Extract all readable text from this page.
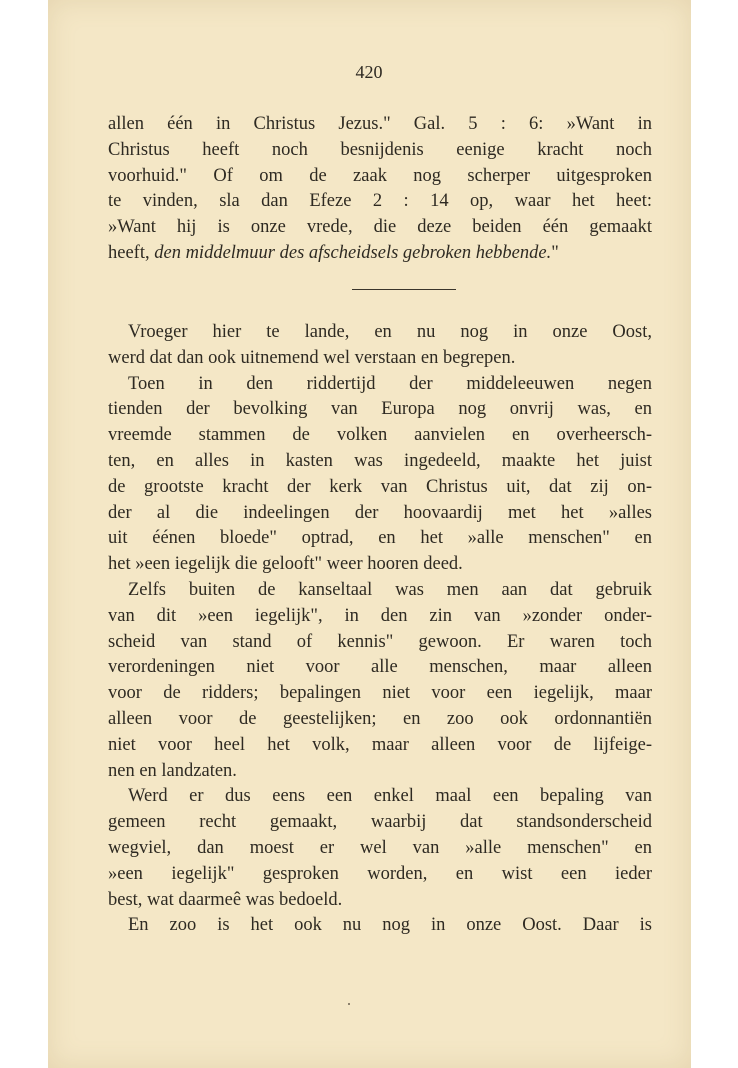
420
allen één in Christus Jezus." Gal. 5 : 6: »Want in
Christus heeft noch besnijdenis eenige kracht noch
voorhuid." Of om de zaak nog scherper uitgesproken
te vinden, sla dan Efeze 2 : 14 op, waar het heet:
»Want hij is onze vrede, die deze beiden één gemaakt
heeft, den middelmuur des afscheidsels gebroken hebbende."
Vroeger hier te lande, en nu nog in onze Oost,
werd dat dan ook uitnemend wel verstaan en begrepen.
Toen in den riddertijd der middeleeuwen negen
tienden der bevolking van Europa nog onvrij was, en
vreemde stammen de volken aanvielen en overheersch-
ten, en alles in kasten was ingedeeld, maakte het juist
de grootste kracht der kerk van Christus uit, dat zij on-
der al die indeelingen der hoovaardij met het »alles
uit éénen bloede" optrad, en het »alle menschen" en
het »een iegelijk die gelooft" weer hooren deed.
Zelfs buiten de kanseltaal was men aan dat gebruik
van dit »een iegelijk", in den zin van »zonder onder-
scheid van stand of kennis" gewoon. Er waren toch
verordeningen niet voor alle menschen, maar alleen
voor de ridders; bepalingen niet voor een iegelijk, maar
alleen voor de geestelijken; en zoo ook ordonnantiën
niet voor heel het volk, maar alleen voor de lijfeige-
nen en landzaten.
Werd er dus eens een enkel maal een bepaling van
gemeen recht gemaakt, waarbij dat standsonderscheid
wegviel, dan moest er wel van »alle menschen" en
»een iegelijk" gesproken worden, en wist een ieder
best, wat daarmeê was bedoeld.
En zoo is het ook nu nog in onze Oost. Daar is
